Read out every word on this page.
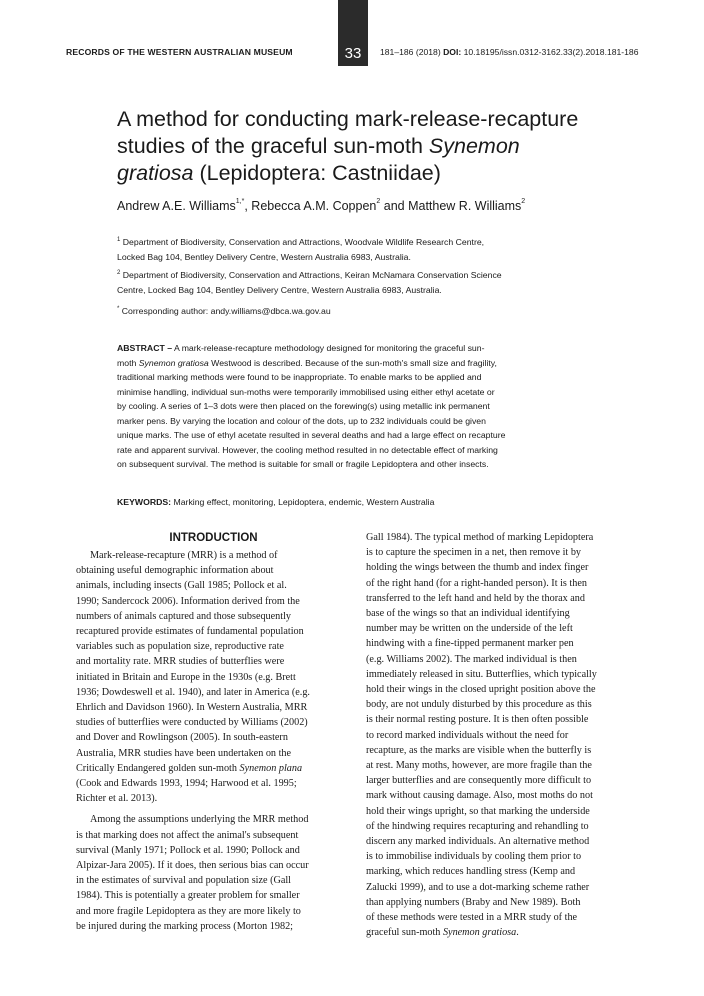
RECORDS OF THE WESTERN AUSTRALIAN MUSEUM	33 181–186 (2018) DOI: 10.18195/issn.0312-3162.33(2).2018.181-186
A method for conducting mark-release-recapture
studies of the graceful sun-moth Synemon
gratiosa (Lepidoptera: Castniidae)
Andrew A.E. Williams$^{1,*}$, Rebecca A.M. Coppen$^2$ and Matthew R. Williams$^2$
$^1$ Department of Biodiversity, Conservation and Attractions, Woodvale Wildlife Research Centre,
Locked Bag 104, Bentley Delivery Centre, Western Australia 6983, Australia.
$^2$ Department of Biodiversity, Conservation and Attractions, Keiran McNamara Conservation Science
Centre, Locked Bag 104, Bentley Delivery Centre, Western Australia 6983, Australia.
* Corresponding author: andy.williams@dbca.wa.gov.au
ABSTRACT – A mark-release-recapture methodology designed for monitoring the graceful sun-
moth Synemon gratiosa Westwood is described. Because of the sun-moth's small size and fragility,
traditional marking methods were found to be inappropriate. To enable marks to be applied and
minimise handling, individual sun-moths were temporarily immobilised using either ethyl acetate or
by cooling. A series of 1–3 dots were then placed on the forewing(s) using metallic ink permanent
marker pens. By varying the location and colour of the dots, up to 232 individuals could be given
unique marks. The use of ethyl acetate resulted in several deaths and had a large effect on recapture
rate and apparent survival. However, the cooling method resulted in no detectable effect of marking
on subsequent survival. The method is suitable for small or fragile Lepidoptera and other insects.
KEYWORDS: Marking effect, monitoring, Lepidoptera, endemic, Western Australia
INTRODUCTION
Mark-release-recapture (MRR) is a method of
obtaining useful demographic information about
animals, including insects (Gall 1985; Pollock et al.
1990; Sandercock 2006). Information derived from the
numbers of animals captured and those subsequently
recaptured provide estimates of fundamental population
variables such as population size, reproductive rate
and mortality rate. MRR studies of butterflies were
initiated in Britain and Europe in the 1930s (e.g. Brett
1936; Dowdeswell et al. 1940), and later in America (e.g.
Ehrlich and Davidson 1960). In Western Australia, MRR
studies of butterflies were conducted by Williams (2002)
and Dover and Rowlingson (2005). In south-eastern
Australia, MRR studies have been undertaken on the
Critically Endangered golden sun-moth Synemon plana
(Cook and Edwards 1993, 1994; Harwood et al. 1995;
Richter et al. 2013).
Among the assumptions underlying the MRR method
is that marking does not affect the animal's subsequent
survival (Manly 1971; Pollock et al. 1990; Pollock and
Alpizar-Jara 2005). If it does, then serious bias can occur
in the estimates of survival and population size (Gall
1984). This is potentially a greater problem for smaller
and more fragile Lepidoptera as they are more likely to
be injured during the marking process (Morton 1982;
Gall 1984). The typical method of marking Lepidoptera
is to capture the specimen in a net, then remove it by
holding the wings between the thumb and index finger
of the right hand (for a right-handed person). It is then
transferred to the left hand and held by the thorax and
base of the wings so that an individual identifying
number may be written on the underside of the left
hindwing with a fine-tipped permanent marker pen
(e.g. Williams 2002). The marked individual is then
immediately released in situ. Butterflies, which typically
hold their wings in the closed upright position above the
body, are not unduly disturbed by this procedure as this
is their normal resting posture. It is then often possible
to record marked individuals without the need for
recapture, as the marks are visible when the butterfly is
at rest. Many moths, however, are more fragile than the
larger butterflies and are consequently more difficult to
mark without causing damage. Also, most moths do not
hold their wings upright, so that marking the underside
of the hindwing requires recapturing and rehandling to
discern any marked individuals. An alternative method
is to immobilise individuals by cooling them prior to
marking, which reduces handling stress (Kemp and
Zalucki 1999), and to use a dot-marking scheme rather
than applying numbers (Braby and New 1989). Both
of these methods were tested in a MRR study of the
graceful sun-moth Synemon gratiosa.
